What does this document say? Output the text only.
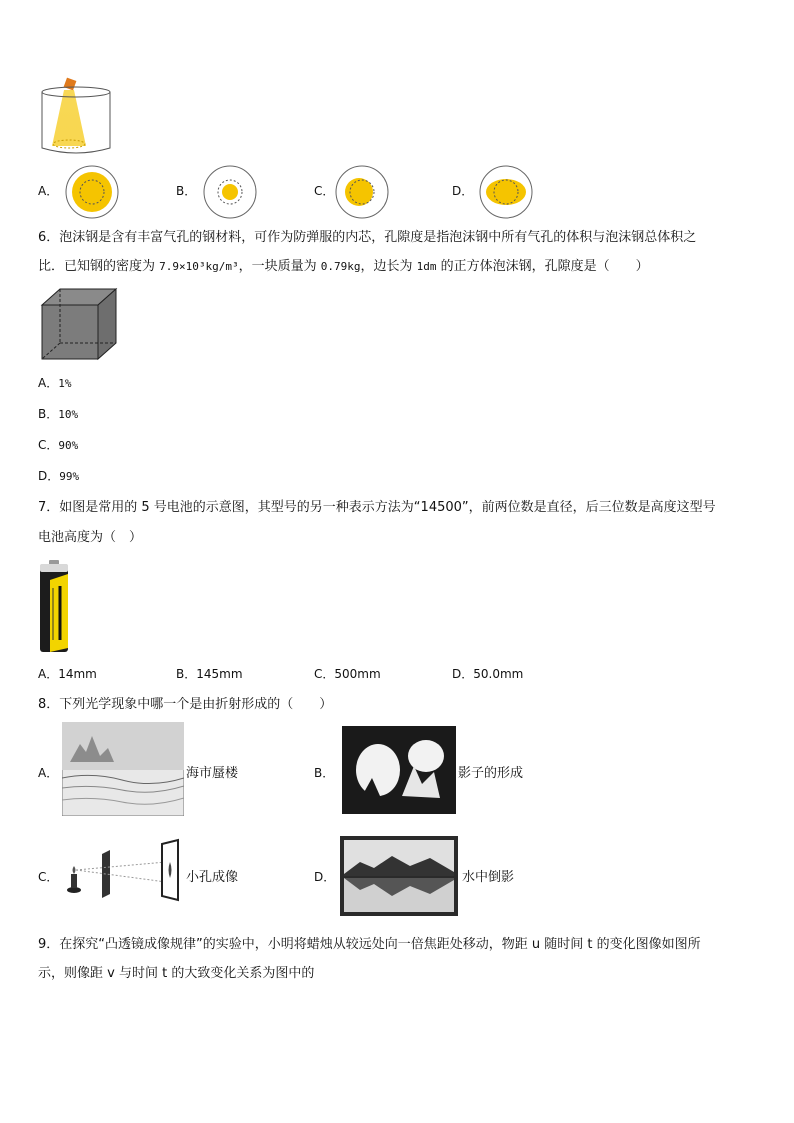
A．	B．	C．	D．
6．泡沫钢是含有丰富气孔的钢材料，可作为防弹服的内芯，孔隙度是指泡沫钢中所有气孔的体积与泡沫钢总体积之
比．已知钢的密度为 7.9×10³kg/m³，一块质量为 0.79kg，边长为 1dm 的正方体泡沫钢，孔隙度是（　　）
A．1%
B．10%
C．90%
D．99%
7．如图是常用的 5 号电池的示意图，其型号的另一种表示方法为“14500”，前两位数是直径，后三位数是高度这型号
电池高度为（　）
A．14mm	B．145mm	C．500mm	D．50.0mm
8．下列光学现象中哪一个是由折射形成的（　　）
A．	海市蜃楼	B．	影子的形成
C．	小孔成像	D．	水中倒影
9．在探究“凸透镜成像规律”的实验中，小明将蜡烛从较远处向一倍焦距处移动，物距 u 随时间 t 的变化图像如图所
示，则像距 v 与时间 t 的大致变化关系为图中的
